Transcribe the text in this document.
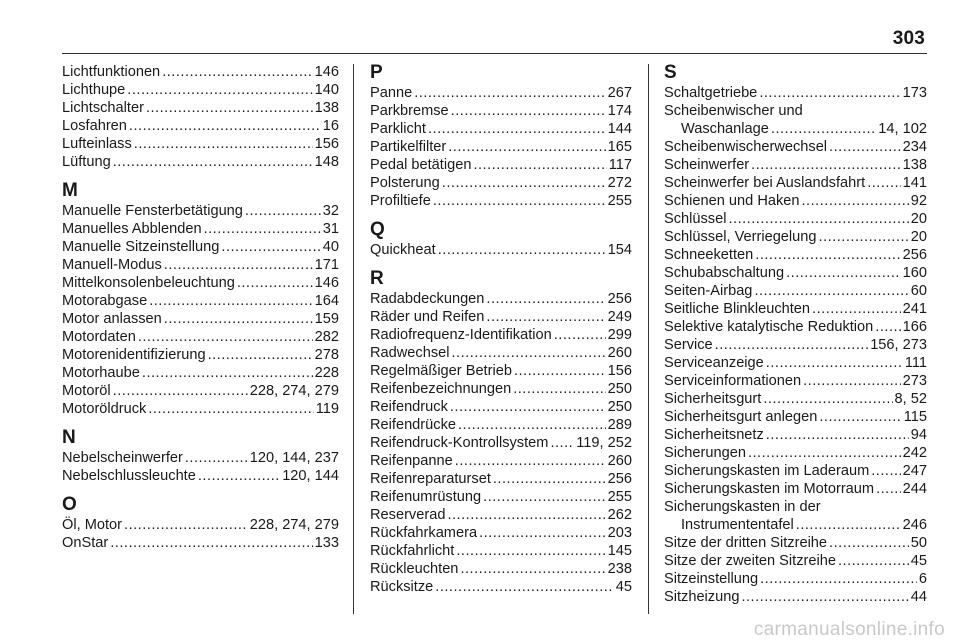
303
Lichtfunktionen .....	146
Lichthupe .....	140
Lichtschalter .....	138
Losfahren .....	16
Lufteinlass .....	156
Lüftung .....	148
M
Manuelle Fensterbetätigung .....	32
Manuelles Abblenden .....	31
Manuelle Sitzeinstellung .....	40
Manuell-Modus .....	171
Mittelkonsolenbeleuchtung .....	146
Motorabgase .....	164
Motor anlassen .....	159
Motordaten .....	282
Motorenidentifizierung .....	278
Motorhaube .....	228
Motoröl .....	228, 274, 279
Motoröldruck .....	119
N
Nebelscheinwerfer .....	120, 144, 237
Nebelschlussleuchte .....	120, 144
O
Öl, Motor .....	228, 274, 279
OnStar .....	133
P
Panne .....	267
Parkbremse .....	174
Parklicht .....	144
Partikelfilter .....	165
Pedal betätigen .....	117
Polsterung .....	272
Profiltiefe .....	255
Q
Quickheat .....	154
R
Radabdeckungen .....	256
Räder und Reifen .....	249
Radiofrequenz-Identifikation .....	299
Radwechsel .....	260
Regelmäßiger Betrieb .....	156
Reifenbezeichnungen .....	250
Reifendruck .....	250
Reifendrücke .....	289
Reifendruck-Kontrollsystem ..... 119, 252
Reifenpanne .....	260
Reifenreparaturset .....	256
Reifenumrüstung .....	255
Reserverad .....	262
Rückfahrkamera .....	203
Rückfahrlicht .....	145
Rückleuchten .....	238
Rücksitze .....	45
S
Schaltgetriebe .....	173
Scheibenwischer und
Waschanlage .....	14, 102
Scheibenwischerwechsel .....	234
Scheinwerfer .....	138
Scheinwerfer bei Auslandsfahrt .....	141
Schienen und Haken .....	92
Schlüssel .....	20
Schlüssel, Verriegelung .....	20
Schneeketten .....	256
Schubabschaltung .....	160
Seiten-Airbag .....	60
Seitliche Blinkleuchten .....	241
Selektive katalytische Reduktion ..... 166
Service .....	156, 273
Serviceanzeige .....	111
Serviceinformationen .....	273
Sicherheitsgurt .....	8, 52
Sicherheitsgurt anlegen .....	115
Sicherheitsnetz .....	94
Sicherungen .....	242
Sicherungskasten im Laderaum ..... 247
Sicherungskasten im Motorraum ..... 244
Sicherungskasten in der
Instrumententafel .....	246
Sitze der dritten Sitzreihe .....	50
Sitze der zweiten Sitzreihe .....	45
Sitzeinstellung .....	6
Sitzheizung .....	44
carmanualsonline.info
